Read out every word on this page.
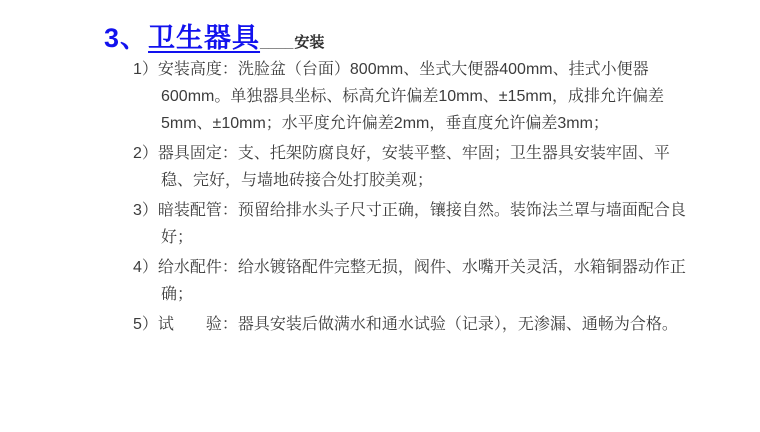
3、卫生器具____安装

1）安装高度：洗脸盆（台面）800mm、坐式大便器400mm、挂式小便器600mm。单独器具坐标、标高允许偏差10mm、±15mm，成排允许偏差5mm、±10mm；水平度允许偏差2mm，垂直度允许偏差3mm；

2）器具固定：支、托架防腐良好，安装平整、牢固；卫生器具安装牢固、平稳、完好，与墙地砖接合处打胶美观；

3）暗装配管：预留给排水头子尺寸正确，镶接自然。装饰法兰罩与墙面配合良好；

4）给水配件：给水镀铬配件完整无损，阀件、水嘴开关灵活，水箱铜器动作正确；

5）试　　验：器具安装后做满水和通水试验（记录），无渗漏、通畅为合格。
